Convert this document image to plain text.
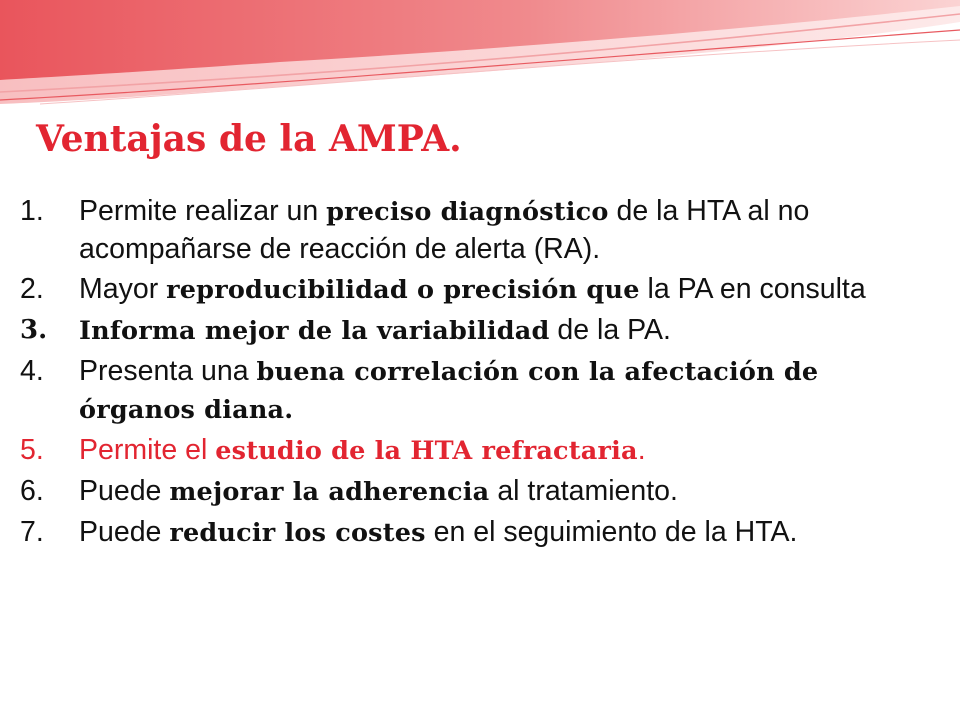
Ventajas de la AMPA.
1. Permite realizar un preciso diagnóstico de la HTA al no acompañarse de reacción de alerta (RA).
2. Mayor reproducibilidad o precisión que la PA en consulta
3. Informa mejor de la variabilidad de la PA.
4. Presenta una buena correlación con la afectación de órganos diana.
5. Permite el estudio de la HTA refractaria.
6. Puede mejorar la adherencia al tratamiento.
7. Puede reducir los costes en el seguimiento de la HTA.
